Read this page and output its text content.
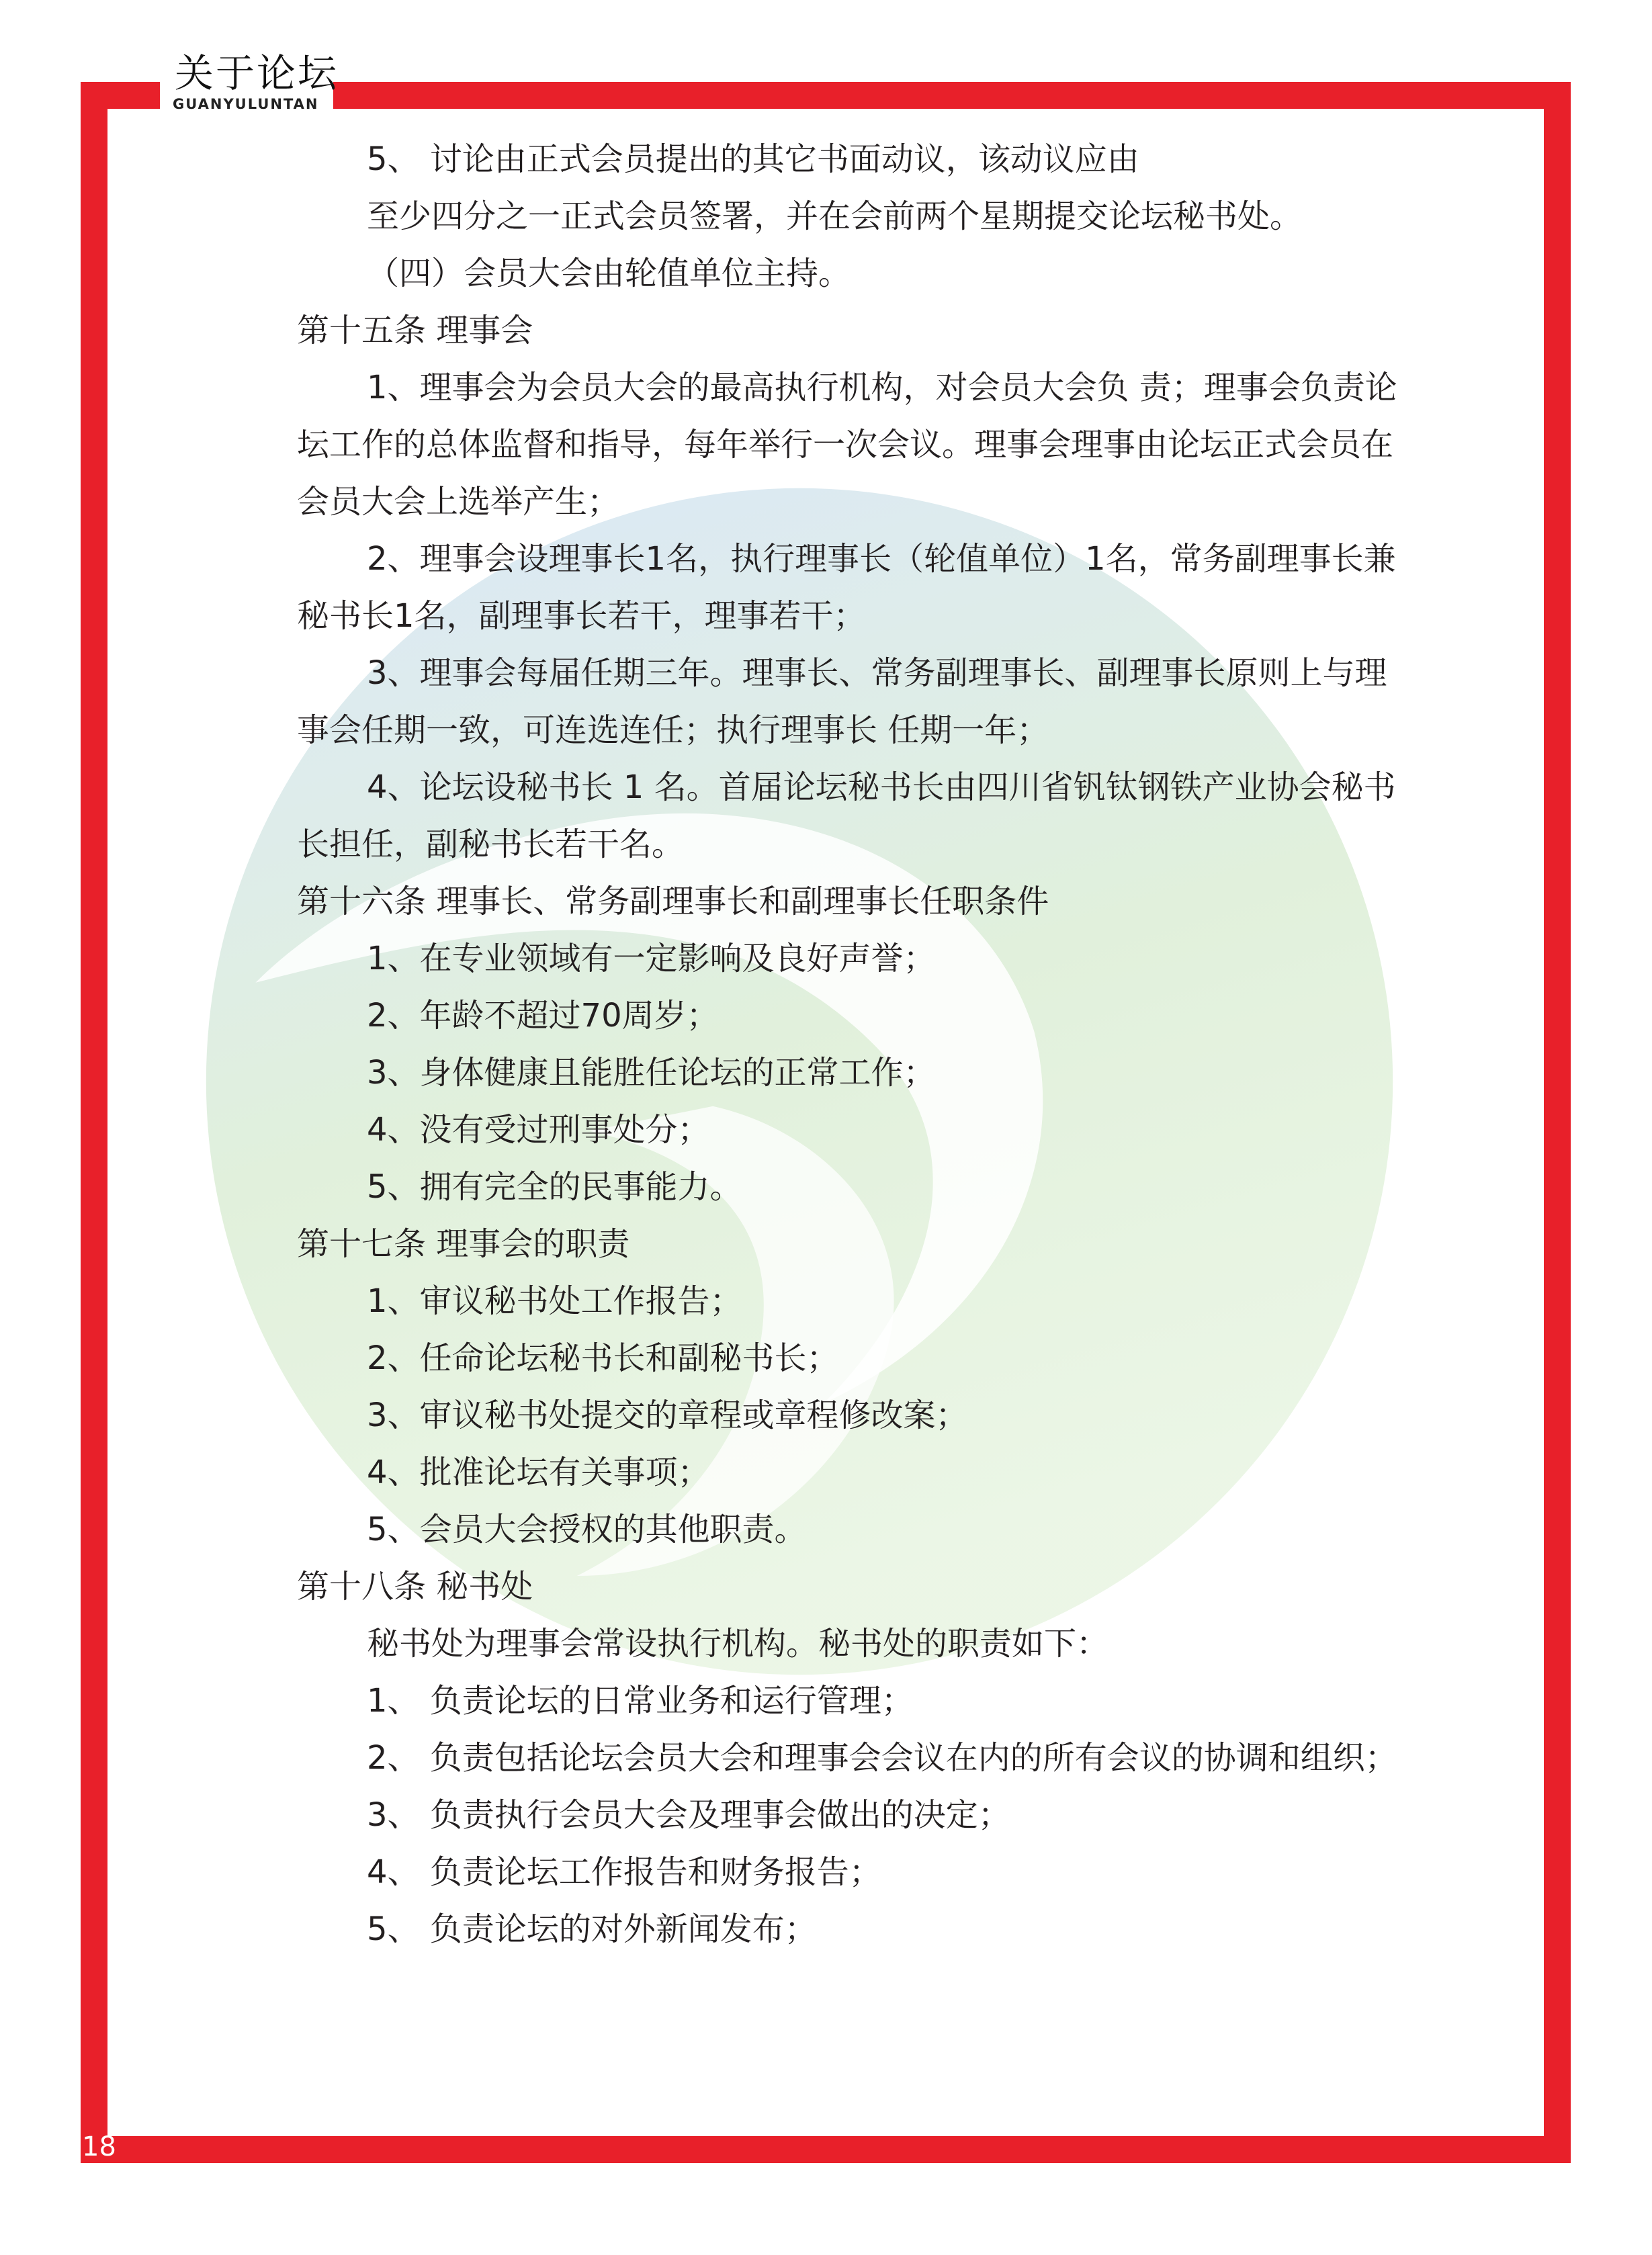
关于论坛
GUANYULUNTAN

5、 讨论由正式会员提出的其它书面动议，该动议应由

至少四分之一正式会员签署，并在会前两个星期提交论坛秘书处。

（四）会员大会由轮值单位主持。

第十五条 理事会

1、理事会为会员大会的最高执行机构，对会员大会负 责；理事会负责论坛工作的总体监督和指导，每年举行一次会议。理事会理事由论坛正式会员在会员大会上选举产生；

2、理事会设理事长1名，执行理事长（轮值单位）1名，常务副理事长兼秘书长1名，副理事长若干，理事若干；

3、理事会每届任期三年。理事长、常务副理事长、副理事长原则上与理事会任期一致，可连选连任；执行理事长 任期一年；

4、论坛设秘书长 1 名。首届论坛秘书长由四川省钒钛钢铁产业协会秘书长担任，副秘书长若干名。

第十六条 理事长、常务副理事长和副理事长任职条件

1、在专业领域有一定影响及良好声誉；

2、年龄不超过70周岁；

3、身体健康且能胜任论坛的正常工作；

4、没有受过刑事处分；

5、拥有完全的民事能力。

第十七条 理事会的职责

1、审议秘书处工作报告；

2、任命论坛秘书长和副秘书长；

3、审议秘书处提交的章程或章程修改案；

4、批准论坛有关事项；

5、会员大会授权的其他职责。

第十八条 秘书处

秘书处为理事会常设执行机构。秘书处的职责如下：

1、 负责论坛的日常业务和运行管理；

2、 负责包括论坛会员大会和理事会会议在内的所有会议的协调和组织；

3、 负责执行会员大会及理事会做出的决定；

4、 负责论坛工作报告和财务报告；

5、 负责论坛的对外新闻发布；

18
